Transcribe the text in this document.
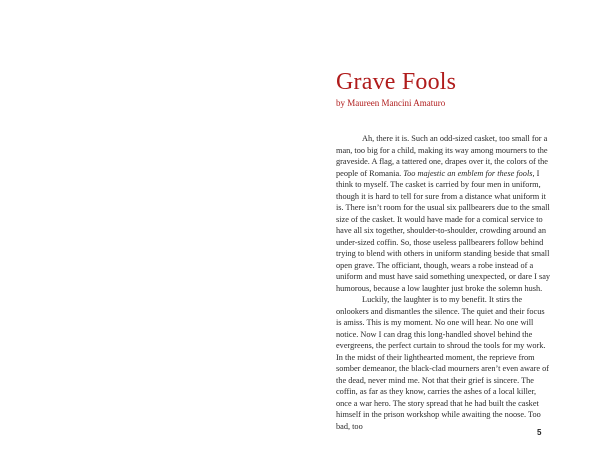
Grave Fools
by Maureen Mancini Amaturo

Ah, there it is. Such an odd-sized casket, too small for a man, too big for a child, making its way among mourners to the graveside. A flag, a tattered one, drapes over it, the colors of the people of Romania. Too majestic an emblem for these fools, I think to myself. The casket is carried by four men in uniform, though it is hard to tell for sure from a distance what uniform it is. There isn’t room for the usual six pallbearers due to the small size of the casket. It would have made for a comical service to have all six together, shoulder-to-shoulder, crowding around an under-sized coffin. So, those useless pallbearers follow behind trying to blend with others in uniform standing beside that small open grave. The officiant, though, wears a robe instead of a uniform and must have said something unexpected, or dare I say humorous, because a low laughter just broke the solemn hush.

Luckily, the laughter is to my benefit. It stirs the onlookers and dismantles the silence. The quiet and their focus is amiss. This is my moment. No one will hear. No one will notice. Now I can drag this long-handled shovel behind the evergreens, the perfect curtain to shroud the tools for my work. In the midst of their lighthearted moment, the reprieve from somber demeanor, the black-clad mourners aren’t even aware of the dead, never mind me. Not that their grief is sincere. The coffin, as far as they know, carries the ashes of a local killer, once a war hero. The story spread that he had built the casket himself in the prison workshop while awaiting the noose. Too bad, too

5
